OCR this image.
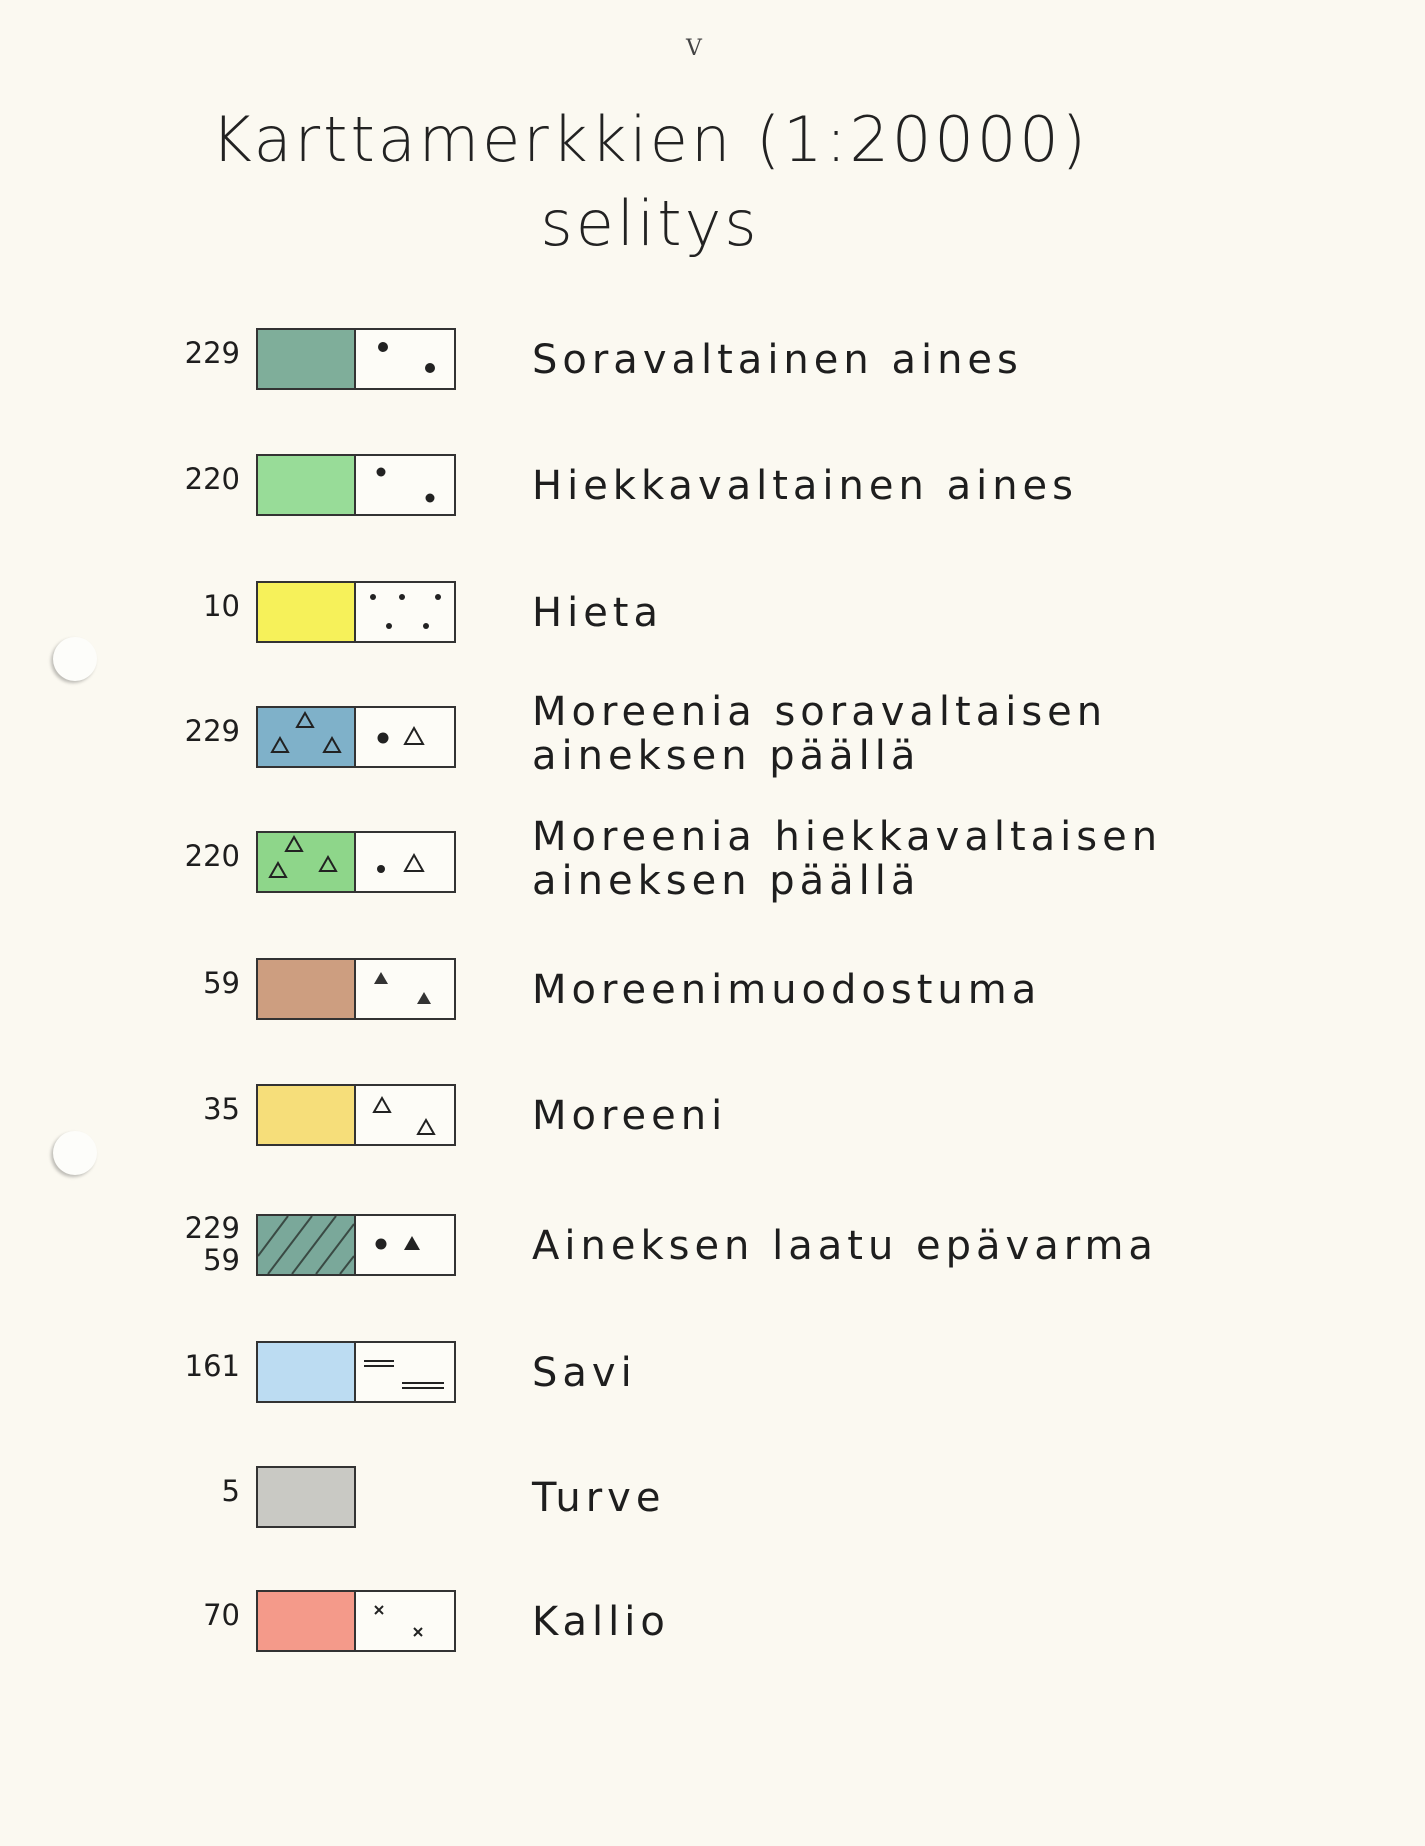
V
Karttamerkkien (1:20000)
selitys
229	Soravaltainen aines
220	Hiekkavaltainen aines
10	Hieta
229	Moreenia soravaltaisen
aineksen päällä
220	Moreenia hiekkavaltaisen
aineksen päällä
59	Moreenimuodostuma
35	Moreeni
229
59	Aineksen laatu epävarma
161	Savi
5	Turve
70	Kallio
